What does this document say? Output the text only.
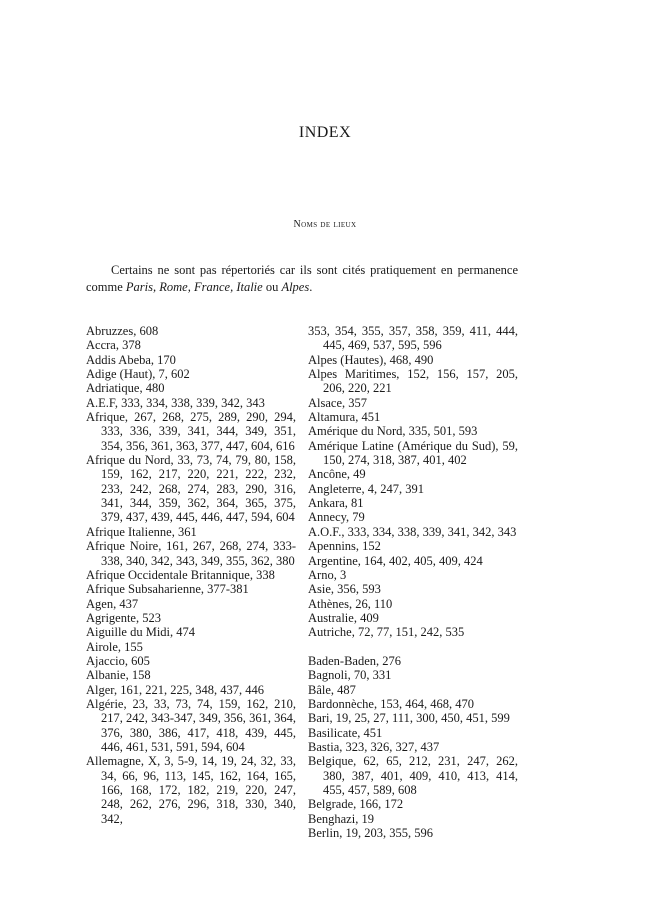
INDEX
Noms de lieux

Certains ne sont pas répertoriés car ils sont cités pratiquement en permanence comme Paris, Rome, France, Italie ou Alpes.

Abruzzes, 608
Accra, 378
Addis Abeba, 170
Adige (Haut), 7, 602
Adriatique, 480
A.E.F, 333, 334, 338, 339, 342, 343
Afrique, 267, 268, 275, 289, 290, 294, 333, 336, 339, 341, 344, 349, 351, 354, 356, 361, 363, 377, 447, 604, 616
Afrique du Nord, 33, 73, 74, 79, 80, 158, 159, 162, 217, 220, 221, 222, 232, 233, 242, 268, 274, 283, 290, 316, 341, 344, 359, 362, 364, 365, 375, 379, 437, 439, 445, 446, 447, 594, 604
Afrique Italienne, 361
Afrique Noire, 161, 267, 268, 274, 333-338, 340, 342, 343, 349, 355, 362, 380
Afrique Occidentale Britannique, 338
Afrique Subsaharienne, 377-381
Agen, 437
Agrigente, 523
Aiguille du Midi, 474
Airole, 155
Ajaccio, 605
Albanie, 158
Alger, 161, 221, 225, 348, 437, 446
Algérie, 23, 33, 73, 74, 159, 162, 210, 217, 242, 343-347, 349, 356, 361, 364, 376, 380, 386, 417, 418, 439, 445, 446, 461, 531, 591, 594, 604
Allemagne, X, 3, 5-9, 14, 19, 24, 32, 33, 34, 66, 96, 113, 145, 162, 164, 165, 166, 168, 172, 182, 219, 220, 247, 248, 262, 276, 296, 318, 330, 340, 342,
353, 354, 355, 357, 358, 359, 411, 444, 445, 469, 537, 595, 596
Alpes (Hautes), 468, 490
Alpes Maritimes, 152, 156, 157, 205, 206, 220, 221
Alsace, 357
Altamura, 451
Amérique du Nord, 335, 501, 593
Amérique Latine (Amérique du Sud), 59, 150, 274, 318, 387, 401, 402
Ancône, 49
Angleterre, 4, 247, 391
Ankara, 81
Annecy, 79
A.O.F., 333, 334, 338, 339, 341, 342, 343
Apennins, 152
Argentine, 164, 402, 405, 409, 424
Arno, 3
Asie, 356, 593
Athènes, 26, 110
Australie, 409
Autriche, 72, 77, 151, 242, 535
Baden-Baden, 276
Bagnoli, 70, 331
Bâle, 487
Bardonnèche, 153, 464, 468, 470
Bari, 19, 25, 27, 111, 300, 450, 451, 599
Basilicate, 451
Bastia, 323, 326, 327, 437
Belgique, 62, 65, 212, 231, 247, 262, 380, 387, 401, 409, 410, 413, 414, 455, 457, 589, 608
Belgrade, 166, 172
Benghazi, 19
Berlin, 19, 203, 355, 596
